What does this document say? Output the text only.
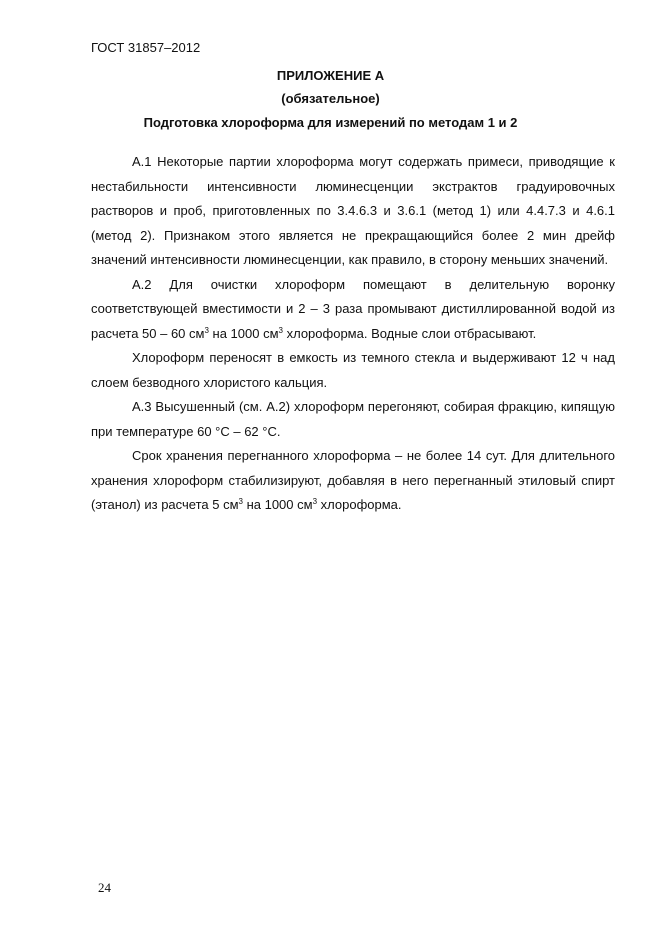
ГОСТ 31857–2012
ПРИЛОЖЕНИЕ А
(обязательное)
Подготовка хлороформа для измерений по методам 1 и 2

А.1 Некоторые партии хлороформа могут содержать примеси, приводящие к нестабильности интенсивности люминесценции экстрактов градуировочных растворов и проб, приготовленных по 3.4.6.3 и 3.6.1 (метод 1) или 4.4.7.3 и 4.6.1 (метод 2). Признаком этого является не прекращающийся более 2 мин дрейф значений интенсивности люминесценции, как правило, в сторону меньших значений.

А.2 Для очистки хлороформ помещают в делительную воронку соответствующей вместимости и 2 – 3 раза промывают дистиллированной водой из расчета 50 – 60 $см^3$ на 1000 $см^3$ хлороформа. Водные слои отбрасывают.

Хлороформ переносят в емкость из темного стекла и выдерживают 12 ч над слоем безводного хлористого кальция.

А.3 Высушенный (см. А.2) хлороформ перегоняют, собирая фракцию, кипящую при температуре 60 °С – 62 °С.

Срок хранения перегнанного хлороформа – не более 14 сут. Для длительного хранения хлороформ стабилизируют, добавляя в него перегнанный этиловый спирт (этанол) из расчета 5 $см^3$ на 1000 $см^3$ хлороформа.

24
